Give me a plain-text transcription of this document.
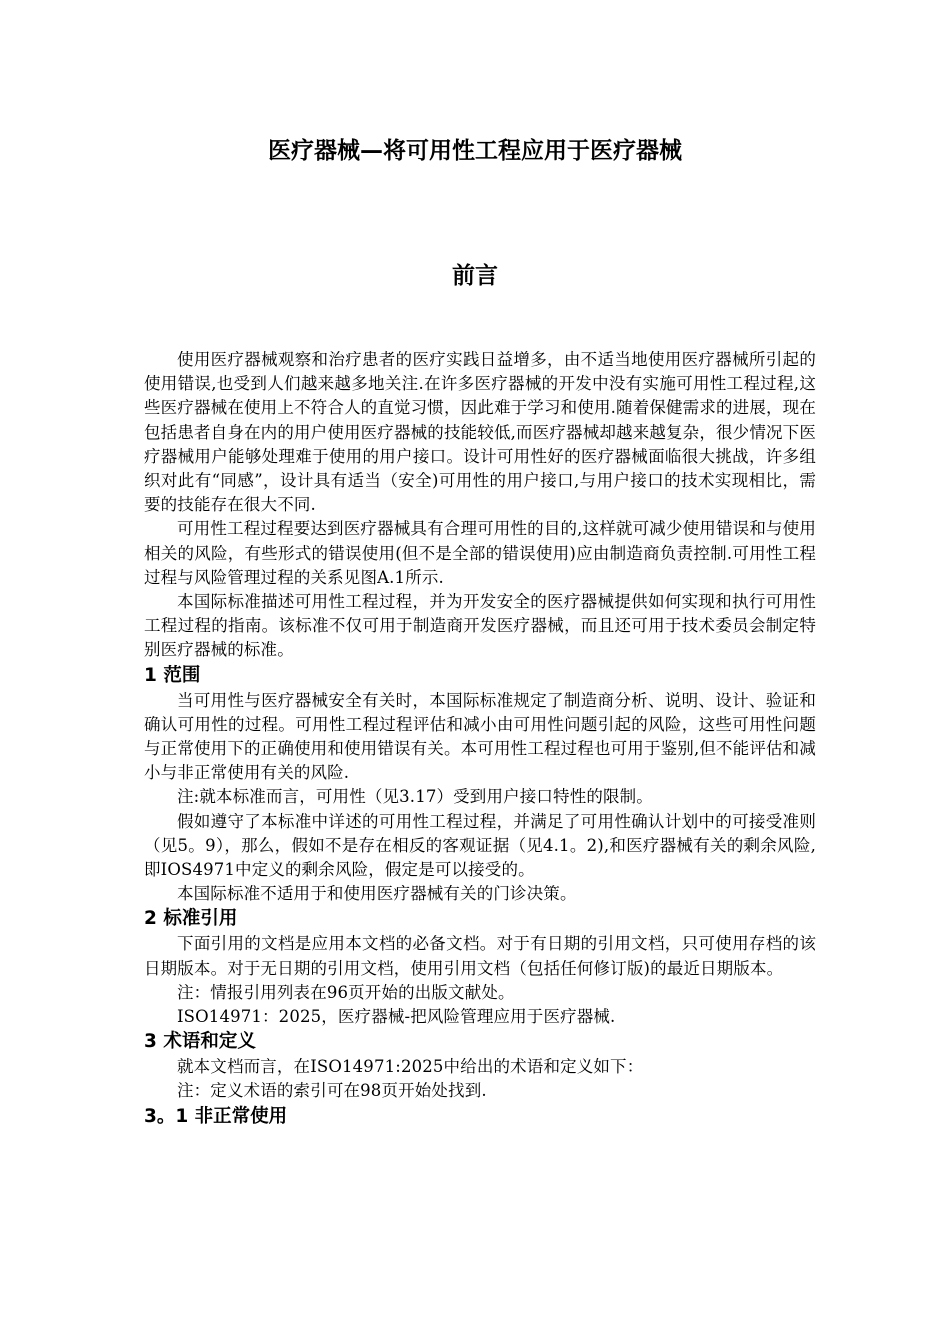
医疗器械—将可用性工程应用于医疗器械
前言

使用医疗器械观察和治疗患者的医疗实践日益增多，由不适当地使用医疗器械所引起的使用错误,也受到人们越来越多地关注.在许多医疗器械的开发中没有实施可用性工程过程,这些医疗器械在使用上不符合人的直觉习惯，因此难于学习和使用.随着保健需求的进展，现在包括患者自身在内的用户使用医疗器械的技能较低,而医疗器械却越来越复杂，很少情况下医疗器械用户能够处理难于使用的用户接口。设计可用性好的医疗器械面临很大挑战，许多组织对此有“同感”，设计具有适当（安全)可用性的用户接口,与用户接口的技术实现相比，需要的技能存在很大不同.

可用性工程过程要达到医疗器械具有合理可用性的目的,这样就可减少使用错误和与使用相关的风险，有些形式的错误使用(但不是全部的错误使用)应由制造商负责控制.可用性工程过程与风险管理过程的关系见图A.1所示.

本国际标准描述可用性工程过程，并为开发安全的医疗器械提供如何实现和执行可用性工程过程的指南。该标准不仅可用于制造商开发医疗器械，而且还可用于技术委员会制定特别医疗器械的标准。

1 范围

当可用性与医疗器械安全有关时，本国际标准规定了制造商分析、说明、设计、验证和确认可用性的过程。可用性工程过程评估和减小由可用性问题引起的风险，这些可用性问题与正常使用下的正确使用和使用错误有关。本可用性工程过程也可用于鉴别,但不能评估和减小与非正常使用有关的风险.

注:就本标准而言，可用性（见3.17）受到用户接口特性的限制。

假如遵守了本标准中详述的可用性工程过程，并满足了可用性确认计划中的可接受准则（见5。9），那么，假如不是存在相反的客观证据（见4.1。2),和医疗器械有关的剩余风险,即IOS4971中定义的剩余风险，假定是可以接受的。

本国际标准不适用于和使用医疗器械有关的门诊决策。

2 标准引用

下面引用的文档是应用本文档的必备文档。对于有日期的引用文档，只可使用存档的该日期版本。对于无日期的引用文档，使用引用文档（包括任何修订版)的最近日期版本。

注：情报引用列表在96页开始的出版文献处。

ISO14971：2025，医疗器械-把风险管理应用于医疗器械.

3 术语和定义

就本文档而言，在ISO14971:2025中给出的术语和定义如下：

注：定义术语的索引可在98页开始处找到.

3。1 非正常使用
